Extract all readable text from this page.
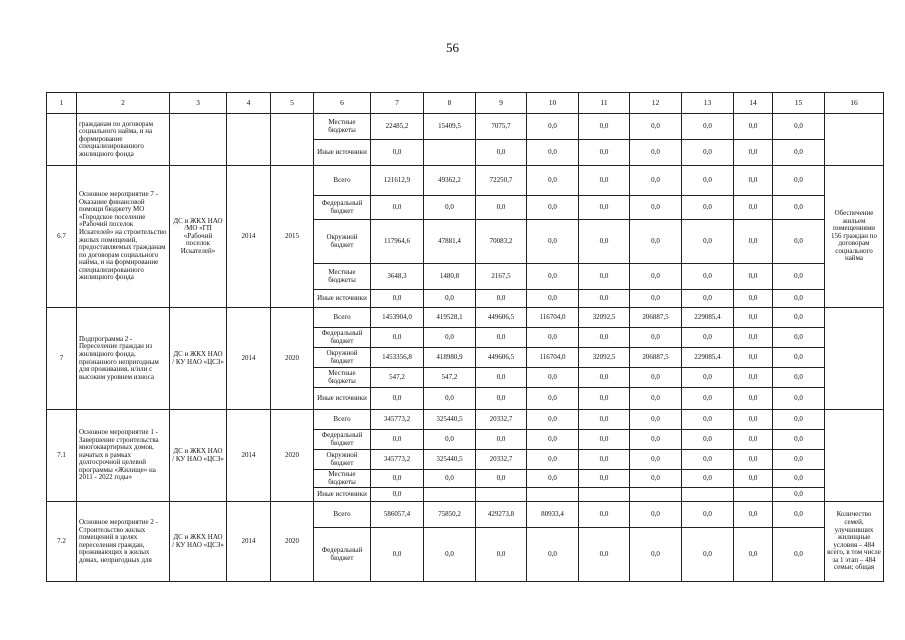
56
1	2	3	4	5	6	7	8	9	10	11	12	13	14	15	16
	гражданам по договорам социального найма, и на формирование специализированного жилищного фонда				Местные бюджеты	22485,2	15409,5	7075,7	0,0	0,0	0,0	0,0	0,0	0,0	
					Иные источники	0,0		0,0	0,0	0,0	0,0	0,0	0,0	0,0	
6.7	Основное мероприятие 7 - Оказание финансовой помощи бюджету МО «Городское поселение «Рабочий поселок Искателей» на строительство жилых помещений, предоставляемых гражданам по договорам социального найма, и на формирование специализированного жилищного фонда	ДС и ЖКХ НАО /МО «ГП «Рабочий поселок Искателей»	2014	2015	Всего	121612,9	49362,2	72250,7	0,0	0,0	0,0	0,0	0,0	0,0	Обеспечение жильем помещениями 156 граждан по договорам социального найма
					Федеральный бюджет	0,0	0,0	0,0	0,0	0,0	0,0	0,0	0,0	0,0	
					Окружной бюджет	117964,6	47881,4	70083,2	0,0	0,0	0,0	0,0	0,0	0,0	
					Местные бюджеты	3648,3	1480,8	2167,5	0,0	0,0	0,0	0,0	0,0	0,0	
					Иные источники	0,0	0,0	0,0	0,0	0,0	0,0	0,0	0,0	0,0	
7	Подпрограмма 2 - Переселение граждан из жилищного фонда, признанного непригодным для проживания, и/или с высоким уровнем износа	ДС и ЖКХ НАО / КУ НАО «ЦСЗ»	2014	2020	Всего	1453904,0	419528,1	449606,5	116704,0	32092,5	206887,5	229085,4	0,0	0,0	
					Федеральный бюджет	0,0	0,0	0,0	0,0	0,0	0,0	0,0	0,0	0,0	
					Окружной бюджет	1453356,8	418980,9	449606,5	116704,0	32092,5	206887,5	229085,4	0,0	0,0	
					Местные бюджеты	547,2	547,2	0,0	0,0	0,0	0,0	0,0	0,0	0,0	
					Иные источники	0,0	0,0	0,0	0,0	0,0	0,0	0,0	0,0	0,0	
7.1	Основное мероприятие 1 - Завершение строительства многоквартирных домов, начатых в рамках долгосрочной целевой программы «Жилище» на 2011 - 2022 годы»	ДС и ЖКХ НАО / КУ НАО «ЦСЗ»	2014	2020	Всего	345773,2	325440,5	20332,7	0,0	0,0	0,0	0,0	0,0	0,0	
					Федеральный бюджет	0,0	0,0	0,0	0,0	0,0	0,0	0,0	0,0	0,0	
					Окружной бюджет	345773,2	325440,5	20332,7	0,0	0,0	0,0	0,0	0,0	0,0	
					Местные бюджеты	0,0	0,0	0,0	0,0	0,0	0,0	0,0	0,0	0,0	
					Иные источники	0,0								0,0	
7.2	Основное мероприятие 2 - Строительство жилых помещений в целях переселения граждан, проживающих в жилых домах, непригодных для	ДС и ЖКХ НАО / КУ НАО «ЦСЗ»	2014	2020	Всего	586057,4	75850,2	429273,8	80933,4	0,0	0,0	0,0	0,0	0,0	Количество семей, улучшивших жилищные условия – 484 всего, в том числе за 1 этап – 484 семьи; общая
					Федеральный бюджет	0,0	0,0	0,0	0,0	0,0	0,0	0,0	0,0	0,0	
